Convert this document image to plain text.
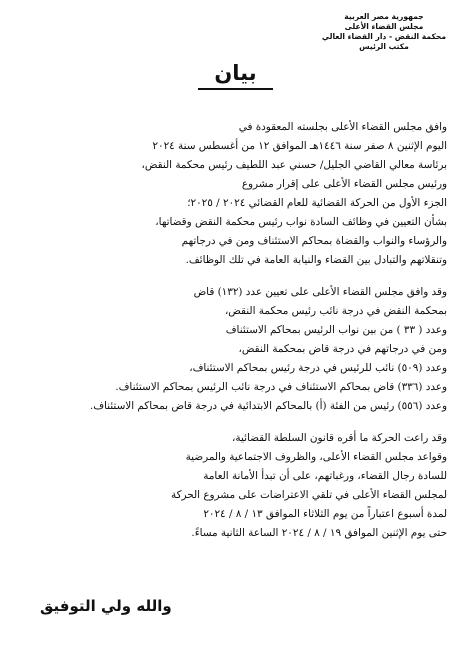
جمهورية مصر العربية
مجلس القضاء الأعلى
محكمة النقض - دار القضاء العالي
مكتب الرئيس
بيان
وافق مجلس القضاء الأعلى بجلسته المعقودة في
اليوم الإثنين ٨ صفر سنة ١٤٤٦هـ الموافق ١٢ من أغسطس سنة ٢٠٢٤
برئاسة معالي القاضي الجليل/ حسني عبد اللطيف رئيس محكمة النقض،
ورئيس مجلس القضاء الأعلى على إقرار مشروع
الجزء الأول من الحركة القضائية للعام القضائي ٢٠٢٤ / ٢٠٢٥؛
بشأن التعيين في وظائف السادة نواب رئيس محكمة النقض وقضاتها،
والرؤساء والنواب والقضاة بمحاكم الاستئناف ومن في درجاتهم
وتنقلاتهم والتبادل بين القضاء والنيابة العامة في تلك الوظائف.
وقد وافق مجلس القضاء الأعلى على تعيين عدد (١٣٢) قاض
بمحكمة النقض في درجة نائب رئيس محكمة النقض،
وعدد ( ٣٣ ) من بين نواب الرئيس بمحاكم الاستئناف
ومن في درجاتهم في درجة قاض بمحكمة النقض،
وعدد (٥٠٩) نائب للرئيس في درجة رئيس بمحاكم الاستئناف،
وعدد (٣٣٦) قاض بمحاكم الاستئناف في درجة نائب الرئيس بمحاكم الاستئناف.
وعدد (٥٥٦) رئيس من الفئة (أ) بالمحاكم الابتدائية في درجة قاض بمحاكم الاستئناف.
وقد راعت الحركة ما أقره قانون السلطة القضائية،
وقواعد مجلس القضاء الأعلى، والظروف الاجتماعية والمرضية
للسادة رجال القضاء، ورغباتهم، على أن تبدأ الأمانة العامة
لمجلس القضاء الأعلى في تلقي الاعتراضات على مشروع الحركة
لمدة أسبوع اعتباراً من يوم الثلاثاء الموافق ١٣ / ٨ / ٢٠٢٤
حتى يوم الإثنين الموافق ١٩ / ٨ / ٢٠٢٤ الساعة الثانية مساءً.
والله ولي التوفيق
